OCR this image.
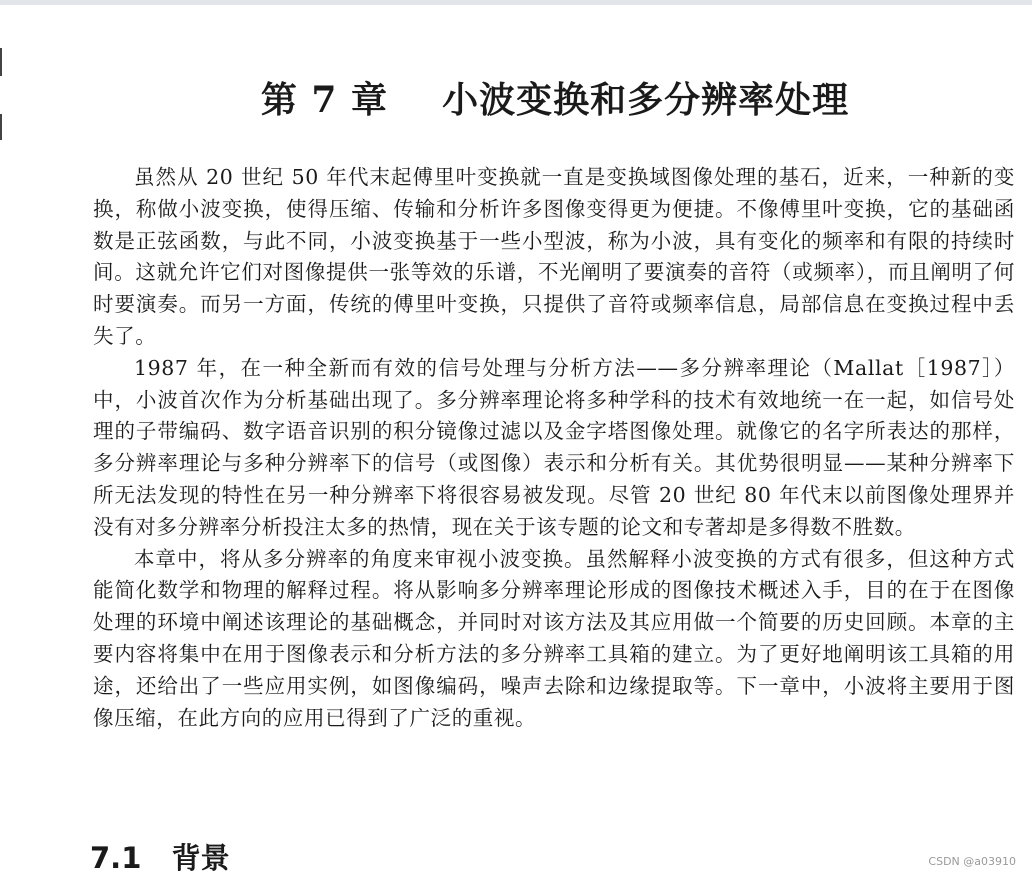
第 7 章    小波变换和多分辨率处理

虽然从 20 世纪 50 年代末起傅里叶变换就一直是变换域图像处理的基石，近来，一种新的变换，称做小波变换，使得压缩、传输和分析许多图像变得更为便捷。不像傅里叶变换，它的基础函数是正弦函数，与此不同，小波变换基于一些小型波，称为小波，具有变化的频率和有限的持续时间。这就允许它们对图像提供一张等效的乐谱，不光阐明了要演奏的音符（或频率），而且阐明了何时要演奏。而另一方面，传统的傅里叶变换，只提供了音符或频率信息，局部信息在变换过程中丢失了。

1987 年，在一种全新而有效的信号处理与分析方法——多分辨率理论（Mallat［1987］）中，小波首次作为分析基础出现了。多分辨率理论将多种学科的技术有效地统一在一起，如信号处理的子带编码、数字语音识别的积分镜像过滤以及金字塔图像处理。就像它的名字所表达的那样，多分辨率理论与多种分辨率下的信号（或图像）表示和分析有关。其优势很明显——某种分辨率下所无法发现的特性在另一种分辨率下将很容易被发现。尽管 20 世纪 80 年代末以前图像处理界并没有对多分辨率分析投注太多的热情，现在关于该专题的论文和专著却是多得数不胜数。

本章中，将从多分辨率的角度来审视小波变换。虽然解释小波变换的方式有很多，但这种方式能简化数学和物理的解释过程。将从影响多分辨率理论形成的图像技术概述入手，目的在于在图像处理的环境中阐述该理论的基础概念，并同时对该方法及其应用做一个简要的历史回顾。本章的主要内容将集中在用于图像表示和分析方法的多分辨率工具箱的建立。为了更好地阐明该工具箱的用途，还给出了一些应用实例，如图像编码，噪声去除和边缘提取等。下一章中，小波将主要用于图像压缩，在此方向的应用已得到了广泛的重视。

7.1   背景	CSDN @a03910
